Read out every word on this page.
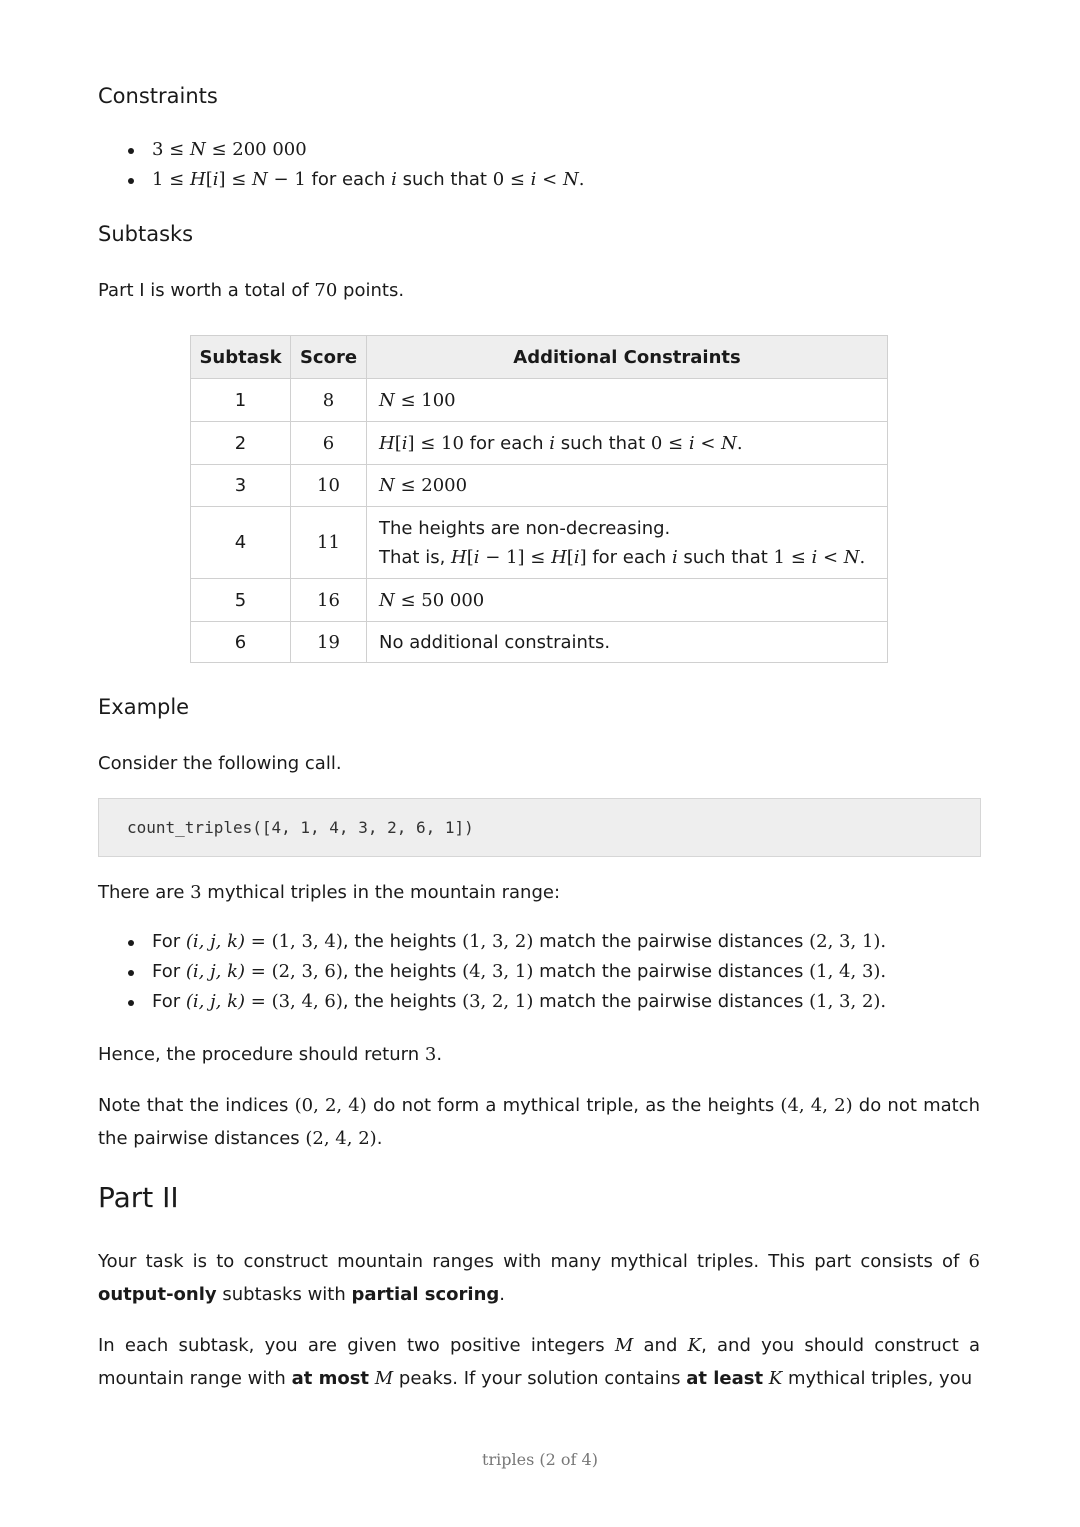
Constraints
3 ≤ N ≤ 200 000
1 ≤ H[i] ≤ N − 1 for each i such that 0 ≤ i < N.
Subtasks

Part I is worth a total of 70 points.

Subtask	Score	Additional Constraints
1	8	N ≤ 100
2	6	H[i] ≤ 10 for each i such that 0 ≤ i < N.
3	10	N ≤ 2000
4	11	The heights are non-decreasing.
That is, H[i − 1] ≤ H[i] for each i such that 1 ≤ i < N.

5	16	N ≤ 50 000
6	19	No additional constraints.
Example

Consider the following call.

count_triples([4, 1, 4, 3, 2, 6, 1])

There are 3 mythical triples in the mountain range:

For (i, j, k) = (1, 3, 4), the heights (1, 3, 2) match the pairwise distances (2, 3, 1).
For (i, j, k) = (2, 3, 6), the heights (4, 3, 1) match the pairwise distances (1, 4, 3).
For (i, j, k) = (3, 4, 6), the heights (3, 2, 1) match the pairwise distances (1, 3, 2).

Hence, the procedure should return 3.

Note that the indices (0, 2, 4) do not form a mythical triple, as the heights (4, 4, 2) do not match the pairwise distances (2, 4, 2).

Part II

Your task is to construct mountain ranges with many mythical triples. This part consists of 6 output-only subtasks with partial scoring.

In each subtask, you are given two positive integers M and K, and you should construct a mountain range with at most M peaks. If your solution contains at least K mythical triples, you

triples (2 of 4)
